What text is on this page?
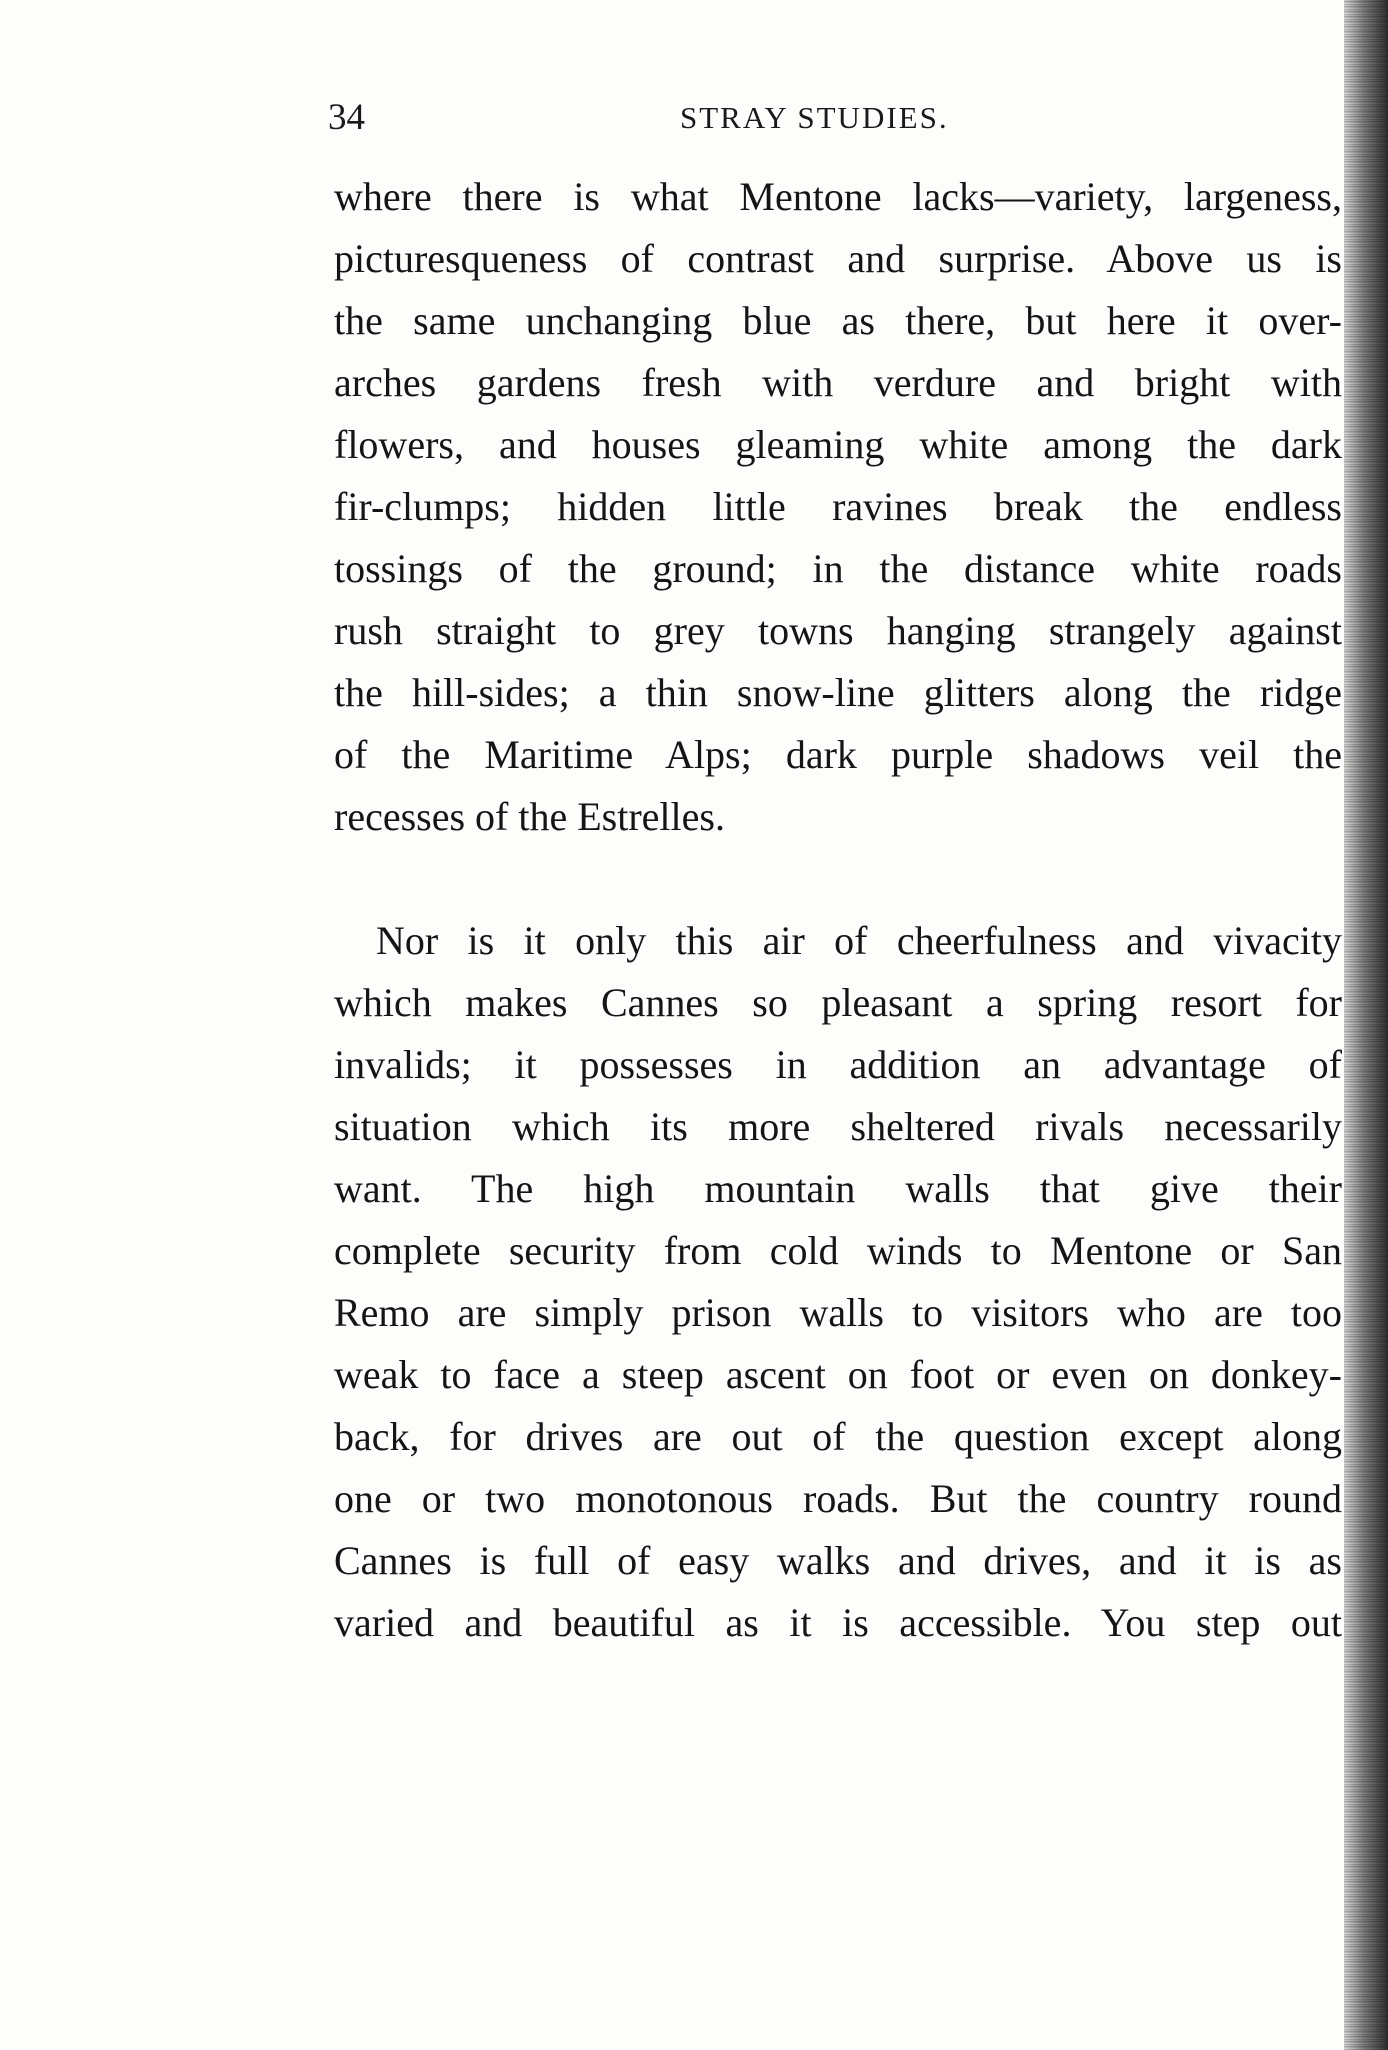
34	STRAY STUDIES.
where there is what Mentone lacks—variety, largeness,
picturesqueness of contrast and surprise. Above us is
the same unchanging blue as there, but here it over-
arches gardens fresh with verdure and bright with
flowers, and houses gleaming white among the dark
fir-clumps; hidden little ravines break the endless
tossings of the ground; in the distance white roads
rush straight to grey towns hanging strangely against
the hill-sides; a thin snow-line glitters along the ridge
of the Maritime Alps; dark purple shadows veil the
recesses of the Estrelles.
Nor is it only this air of cheerfulness and vivacity
which makes Cannes so pleasant a spring resort for
invalids; it possesses in addition an advantage of
situation which its more sheltered rivals necessarily
want. The high mountain walls that give their
complete security from cold winds to Mentone or San
Remo are simply prison walls to visitors who are too
weak to face a steep ascent on foot or even on donkey-
back, for drives are out of the question except along
one or two monotonous roads. But the country round
Cannes is full of easy walks and drives, and it is as
varied and beautiful as it is accessible. You step out
